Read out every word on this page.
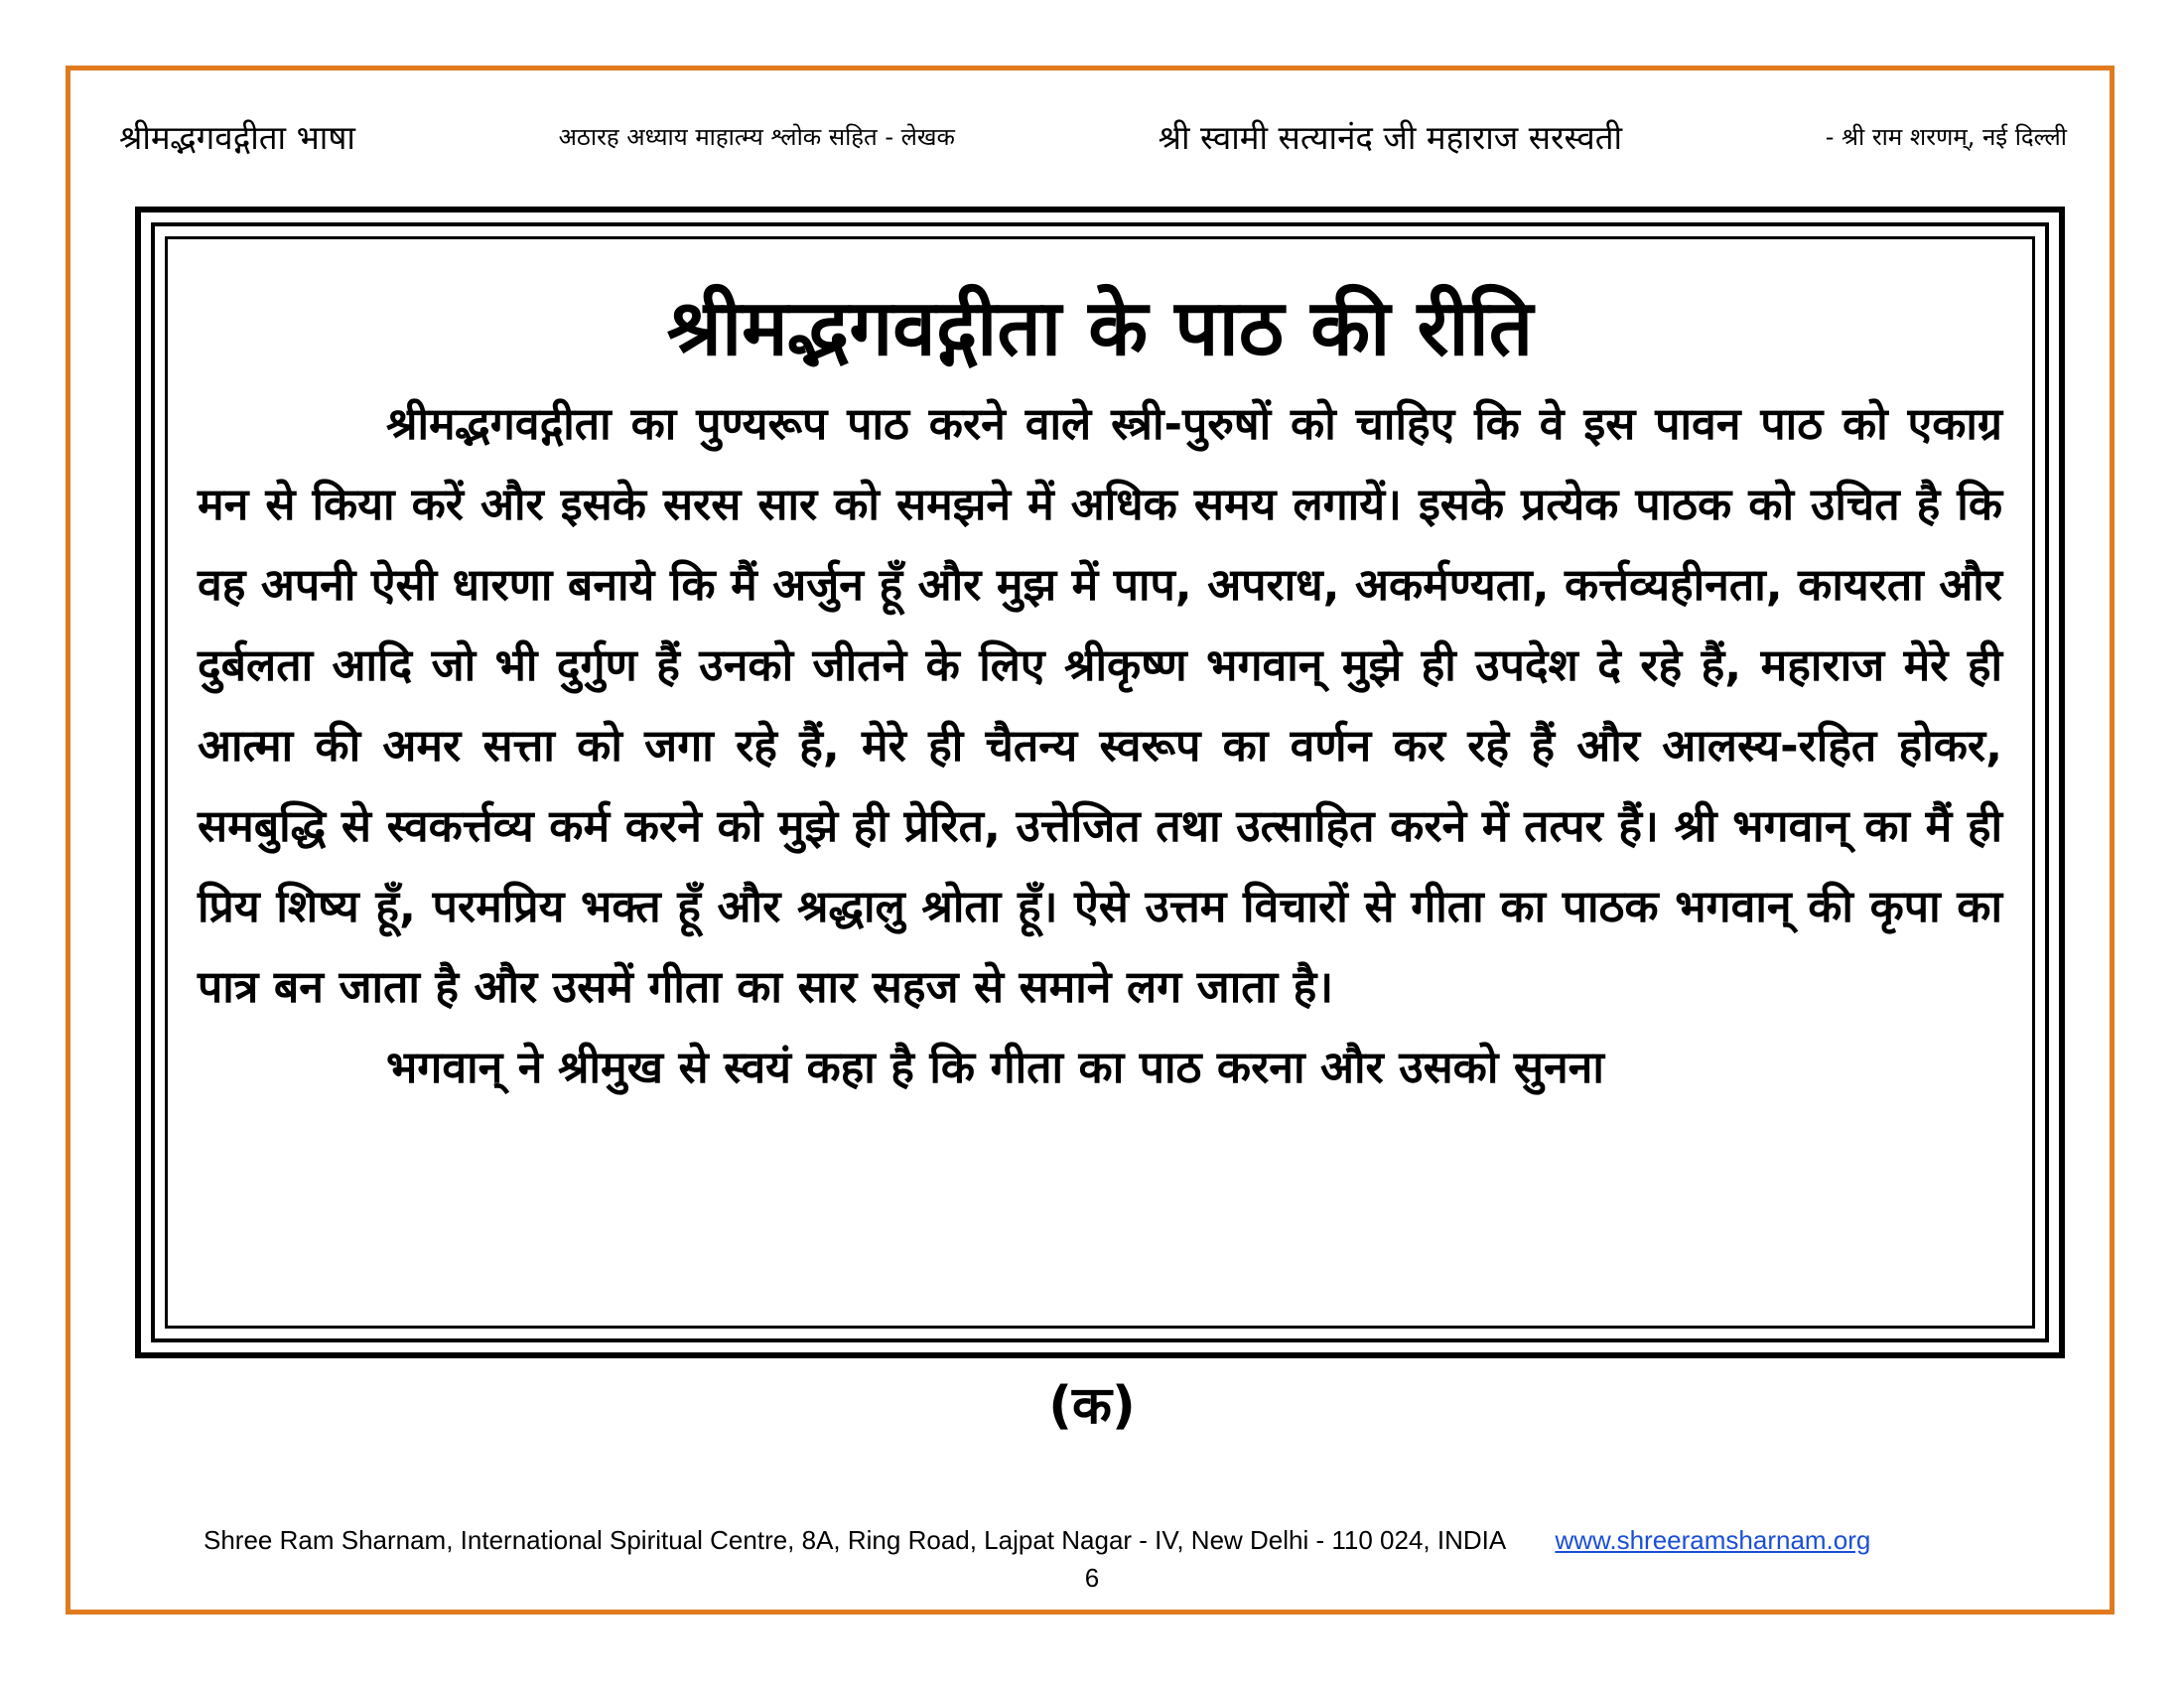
श्रीमद्भगवद्गीता भाषा	अठारह अध्याय माहात्म्य श्लोक सहित - लेखक	श्री स्वामी सत्यानंद जी महाराज सरस्वती	- श्री राम शरणम्, नई दिल्ली
श्रीमद्भगवद्गीता के पाठ की रीति

श्रीमद्भगवद्गीता का पुण्यरूप पाठ करने वाले स्त्री-पुरुषों को चाहिए कि वे इस पावन पाठ को एकाग्र मन से किया करें और इसके सरस सार को समझने में अधिक समय लगायें। इसके प्रत्येक पाठक को उचित है कि वह अपनी ऐसी धारणा बनाये कि मैं अर्जुन हूँ और मुझ में पाप, अपराध, अकर्मण्यता, कर्त्तव्यहीनता, कायरता और दुर्बलता आदि जो भी दुर्गुण हैं उनको जीतने के लिए श्रीकृष्ण भगवान् मुझे ही उपदेश दे रहे हैं, महाराज मेरे ही आत्मा की अमर सत्ता को जगा रहे हैं, मेरे ही चैतन्य स्वरूप का वर्णन कर रहे हैं और आलस्य-रहित होकर, समबुद्धि से स्वकर्त्तव्य कर्म करने को मुझे ही प्रेरित, उत्तेजित तथा उत्साहित करने में तत्पर हैं। श्री भगवान् का मैं ही प्रिय शिष्य हूँ, परमप्रिय भक्त हूँ और श्रद्धालु श्रोता हूँ। ऐसे उत्तम विचारों से गीता का पाठक भगवान् की कृपा का पात्र बन जाता है और उसमें गीता का सार सहज से समाने लग जाता है।

भगवान् ने श्रीमुख से स्वयं कहा है कि गीता का पाठ करना और उसको सुनना

(क)
Shree Ram Sharnam, International Spiritual Centre, 8A, Ring Road, Lajpat Nagar - IV, New Delhi - 110 024, INDIA www.shreeramsharnam.org
6
